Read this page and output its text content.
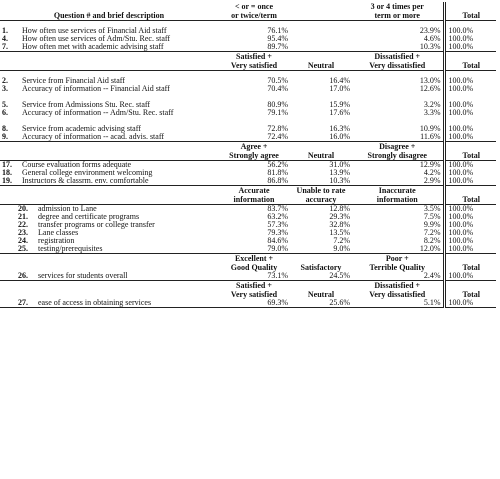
	< or = once		3 or 4 times per	
Question # and brief description	or twice/term		term or more	Total

1. How often use services of Financial Aid staff	76.1%		23.9%	100.0%
4. How often use services of Adm/Stu. Rec. staff	95.4%		4.6%	100.0%
7. How often met with academic advising staff	89.7%		10.3%	100.0%
	Satisfied +		Dissatisfied +	
	Very satisfied	Neutral	Very dissatisfied	Total

2. Service from Financial Aid staff	70.5%	16.4%	13.0%	100.0%
3. Accuracy of information -- Financial Aid staff	70.4%	17.0%	12.6%	100.0%

5. Service from Admissions Stu. Rec. staff	80.9%	15.9%	3.2%	100.0%
6. Accuracy of information -- Adm/Stu. Rec. staff	79.1%	17.6%	3.3%	100.0%

8. Service from academic advising staff	72.8%	16.3%	10.9%	100.0%
9. Accuracy of information -- acad. advis. staff	72.4%	16.0%	11.6%	100.0%
	Agree +		Disagree +	
	Strongly agree	Neutral	Strongly disagree	Total
17. Course evaluation forms adequate	56.2%	31.0%	12.9%	100.0%
18. General college environment welcoming	81.8%	13.9%	4.2%	100.0%
19. Instructors & classrm. env. comfortable	86.8%	10.3%	2.9%	100.0%
	Accurate	Unable to rate	Inaccurate	
	information	accuracy	information	Total
20. admission to Lane	83.7%	12.8%	3.5%	100.0%
21. degree and certificate programs	63.2%	29.3%	7.5%	100.0%
22. transfer programs or college transfer	57.3%	32.8%	9.9%	100.0%
23. Lane classes	79.3%	13.5%	7.2%	100.0%
24. registration	84.6%	7.2%	8.2%	100.0%
25. testing/prerequisites	79.0%	9.0%	12.0%	100.0%
	Excellent +		Poor +	
	Good Quality	Satisfactory	Terrible Quality	Total
26. services for students overall	73.1%	24.5%	2.4%	100.0%
	Satisfied +		Dissatisfied +	
	Very satisfied	Neutral	Very dissatisfied	Total
27. ease of access in obtaining services	69.3%	25.6%	5.1%	100.0%
